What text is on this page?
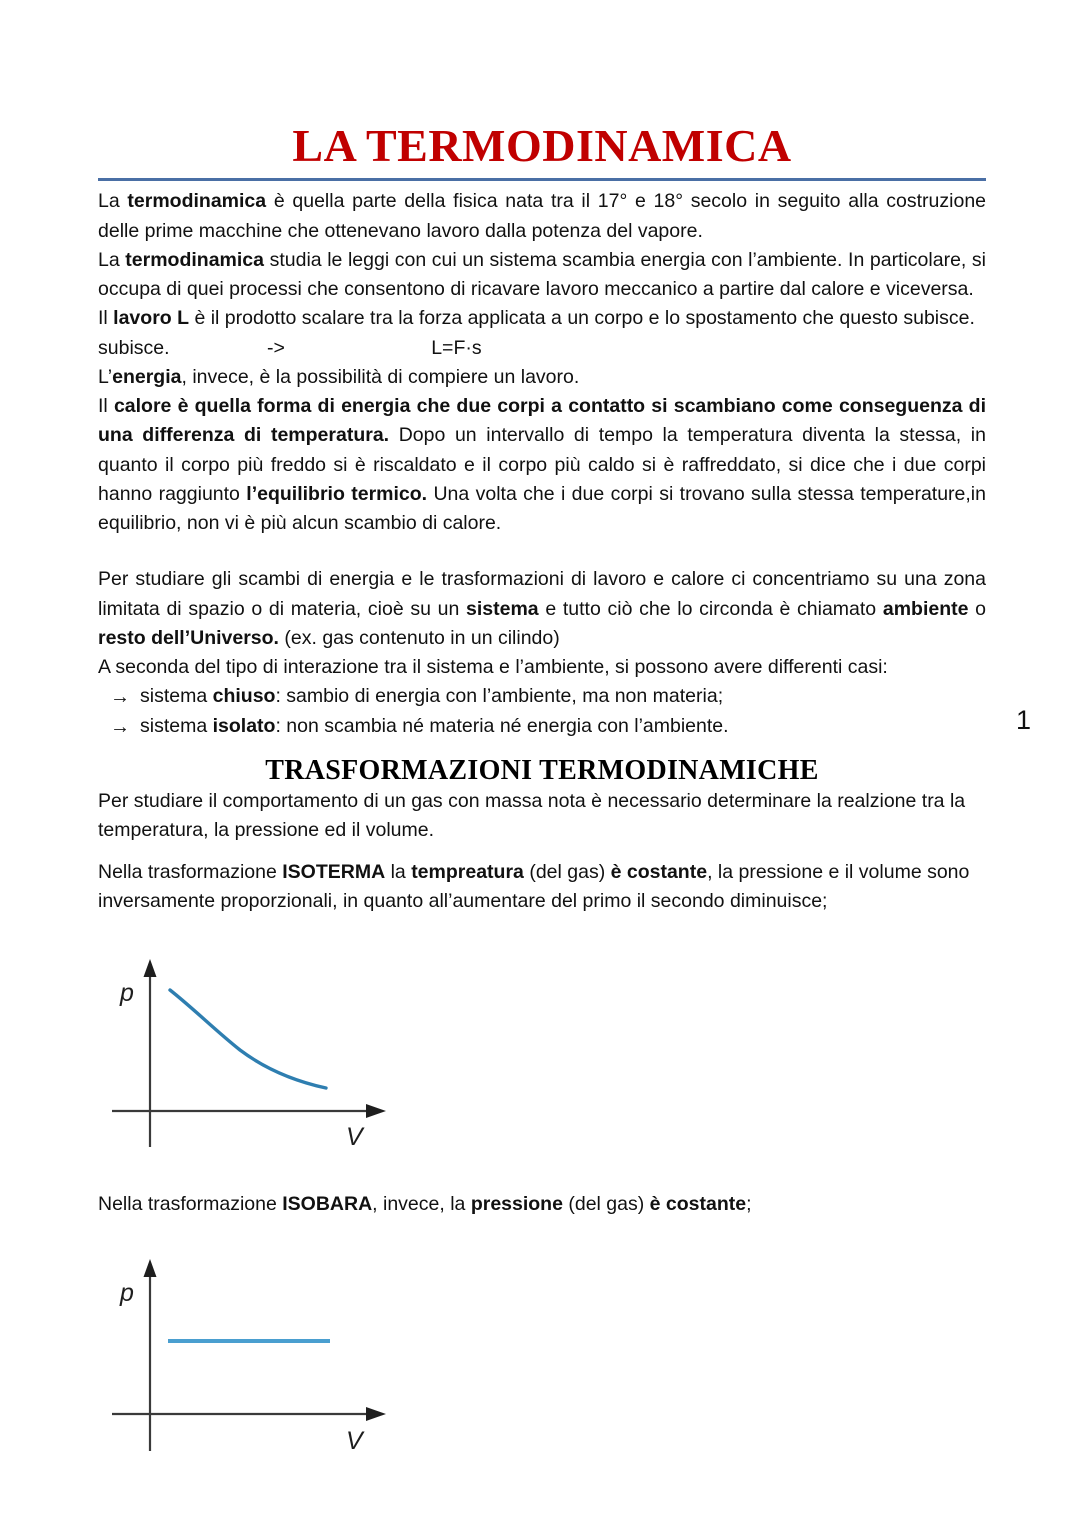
LA TERMODINAMICA

La termodinamica è quella parte della fisica nata tra il 17° e 18° secolo in seguito alla costruzione delle prime macchine che ottenevano lavoro dalla potenza del vapore.

La termodinamica studia le leggi con cui un sistema scambia energia con l’ambiente. In particolare, si occupa di quei processi che consentono di ricavare lavoro meccanico a partire dal calore e viceversa.

Il lavoro L è il prodotto scalare tra la forza applicata a un corpo e lo spostamento che questo subisce.

subisce.                  ->                           L=F·s

L’energia, invece, è la possibilità di compiere un lavoro.

Il calore è quella forma di energia che due corpi a contatto si scambiano come conseguenza di una differenza di temperatura. Dopo un intervallo di tempo la temperatura diventa la stessa, in quanto il corpo più freddo si è riscaldato e il corpo più caldo si è raffreddato, si dice che i due corpi hanno raggiunto l’equilibrio termico. Una volta che i due corpi si trovano sulla stessa temperature,in equilibrio, non vi è più alcun scambio di calore.

Per studiare gli scambi di energia e le trasformazioni di lavoro e calore ci concentriamo su una zona limitata di spazio o di materia, cioè su un sistema e tutto ciò che lo circonda è chiamato ambiente o resto dell’Universo. (ex. gas contenuto in un cilindo)

A seconda del tipo di interazione tra il sistema e l’ambiente, si possono avere differenti casi:

→ sistema chiuso: sambio di energia con l’ambiente, ma non materia;

→ sistema isolato: non scambia né materia né energia con l’ambiente.

TRASFORMAZIONI TERMODINAMICHE

Per studiare il comportamento di un gas con massa nota è necessario determinare la realzione tra la temperatura, la pressione ed il volume.

Nella trasformazione ISOTERMA la tempreatura (del gas) è costante, la pressione e il volume sono inversamente proporzionali, in quanto all’aumentare del primo il secondo diminuisce;

p
V

Nella trasformazione ISOBARA, invece, la pressione (del gas) è costante;

p
V
1
